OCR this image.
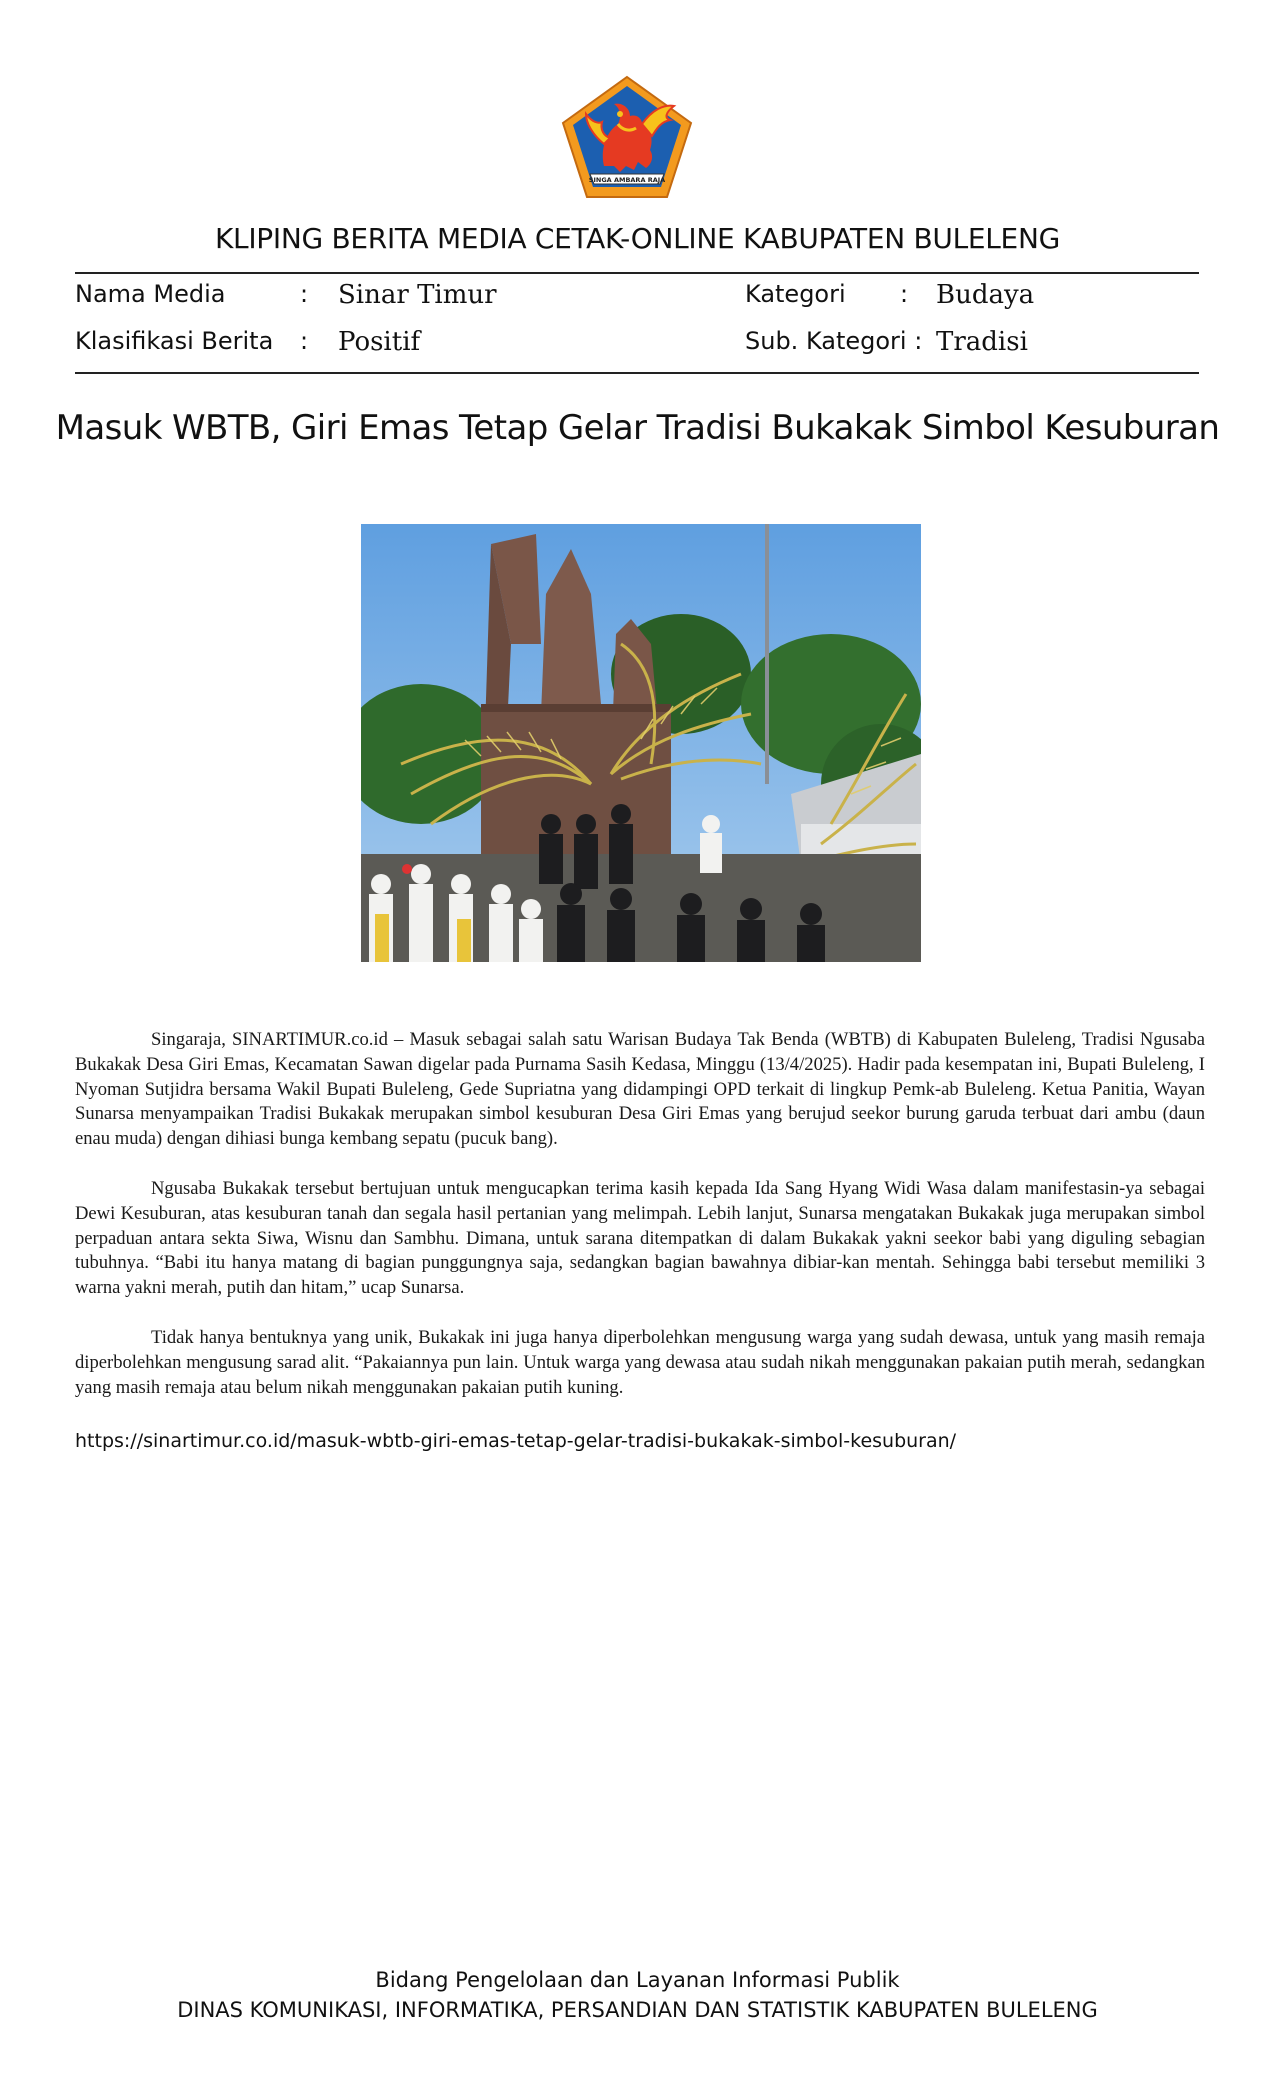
SINGA AMBARA RAJA
KLIPING BERITA MEDIA CETAK-ONLINE KABUPATEN BULELENG
Nama Media	: Sinar Timur
Klasifikasi Berita : Positif
Kategori : Budaya
Sub. Kategori : Tradisi
Masuk WBTB, Giri Emas Tetap Gelar Tradisi Bukakak Simbol Kesuburan

Singaraja, SINARTIMUR.co.id – Masuk sebagai salah satu Warisan Budaya Tak Benda (WBTB) di Kabupaten Buleleng, Tradisi Ngusaba Bukakak Desa Giri Emas, Kecamatan Sawan digelar pada Purnama Sasih Kedasa, Minggu (13/4/2025). Hadir pada kesempatan ini, Bupati Buleleng, I Nyoman Sutjidra bersama Wakil Bupati Buleleng, Gede Supriatna yang didampingi OPD terkait di lingkup Pemk-ab Buleleng. Ketua Panitia, Wayan Sunarsa menyampaikan Tradisi Bukakak merupakan simbol kesuburan Desa Giri Emas yang berujud seekor burung garuda terbuat dari ambu (daun enau muda) dengan dihiasi bunga kembang sepatu (pucuk bang).

Ngusaba Bukakak tersebut bertujuan untuk mengucapkan terima kasih kepada Ida Sang Hyang Widi Wasa dalam manifestasin-ya sebagai Dewi Kesuburan, atas kesuburan tanah dan segala hasil pertanian yang melimpah. Lebih lanjut, Sunarsa mengatakan Bukakak juga merupakan simbol perpaduan antara sekta Siwa, Wisnu dan Sambhu. Dimana, untuk sarana ditempatkan di dalam Bukakak yakni seekor babi yang diguling sebagian tubuhnya. “Babi itu hanya matang di bagian punggungnya saja, sedangkan bagian bawahnya dibiar-kan mentah. Sehingga babi tersebut memiliki 3 warna yakni merah, putih dan hitam,” ucap Sunarsa.

Tidak hanya bentuknya yang unik, Bukakak ini juga hanya diperbolehkan mengusung warga yang sudah dewasa, untuk yang masih remaja diperbolehkan mengusung sarad alit. “Pakaiannya pun lain. Untuk warga yang dewasa atau sudah nikah menggunakan pakaian putih merah, sedangkan yang masih remaja atau belum nikah menggunakan pakaian putih kuning.

https://sinartimur.co.id/masuk-wbtb-giri-emas-tetap-gelar-tradisi-bukakak-simbol-kesuburan/
Bidang Pengelolaan dan Layanan Informasi Publik
DINAS KOMUNIKASI, INFORMATIKA, PERSANDIAN DAN STATISTIK KABUPATEN BULELENG
